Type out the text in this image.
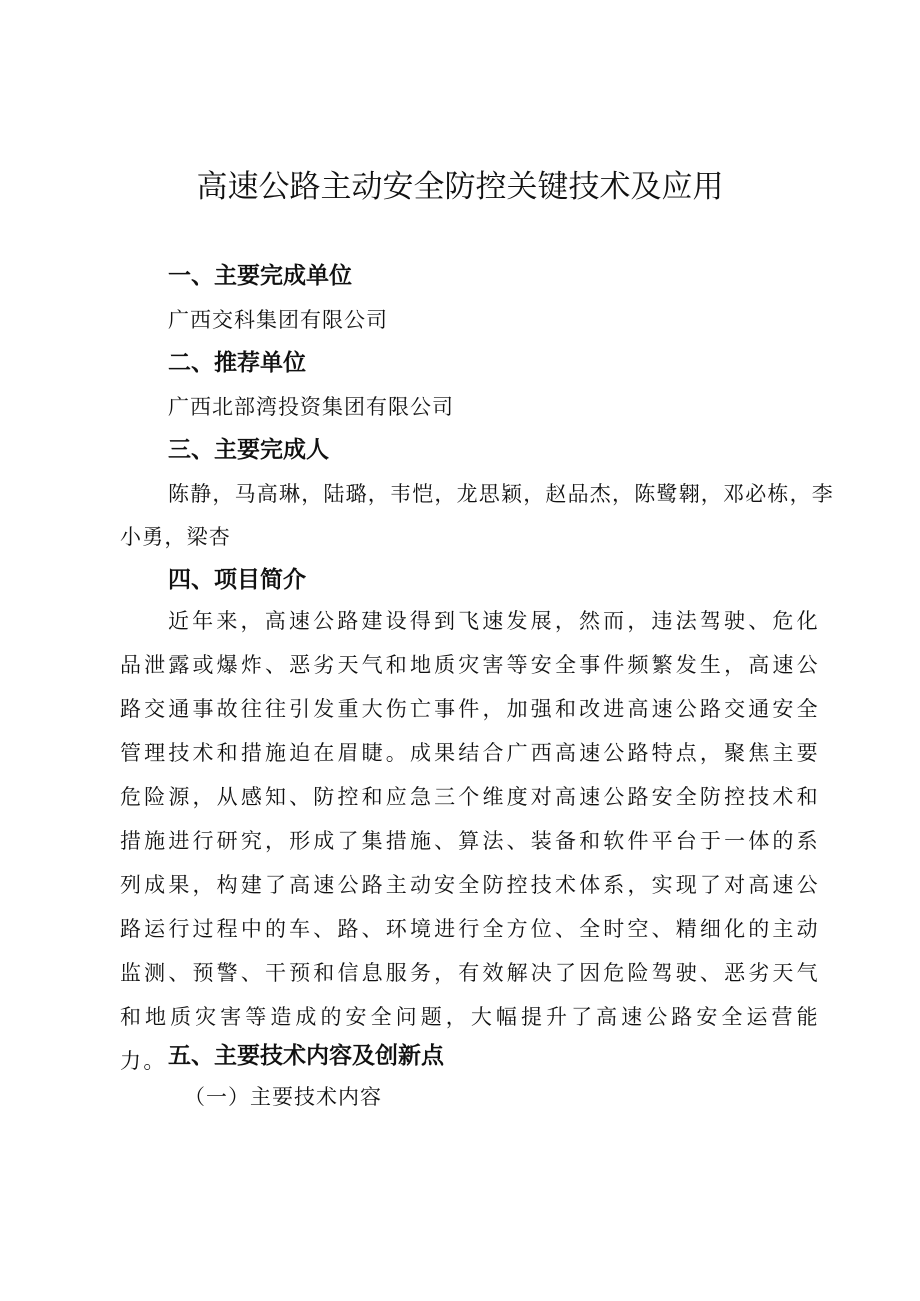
高速公路主动安全防控关键技术及应用
一、主要完成单位
广西交科集团有限公司
二、推荐单位
广西北部湾投资集团有限公司
三、主要完成人
陈静，马高琳，陆璐，韦恺，龙思颖，赵品杰，陈鹭翱，邓必栋，李小勇，梁杏
四、项目简介
近年来，高速公路建设得到飞速发展，然而，违法驾驶、危化品泄露或爆炸、恶劣天气和地质灾害等安全事件频繁发生，高速公路交通事故往往引发重大伤亡事件，加强和改进高速公路交通安全管理技术和措施迫在眉睫。成果结合广西高速公路特点，聚焦主要危险源，从感知、防控和应急三个维度对高速公路安全防控技术和措施进行研究，形成了集措施、算法、装备和软件平台于一体的系列成果，构建了高速公路主动安全防控技术体系，实现了对高速公路运行过程中的车、路、环境进行全方位、全时空、精细化的主动监测、预警、干预和信息服务，有效解决了因危险驾驶、恶劣天气和地质灾害等造成的安全问题，大幅提升了高速公路安全运营能力。 五、主要技术内容及创新点
（一）主要技术内容
